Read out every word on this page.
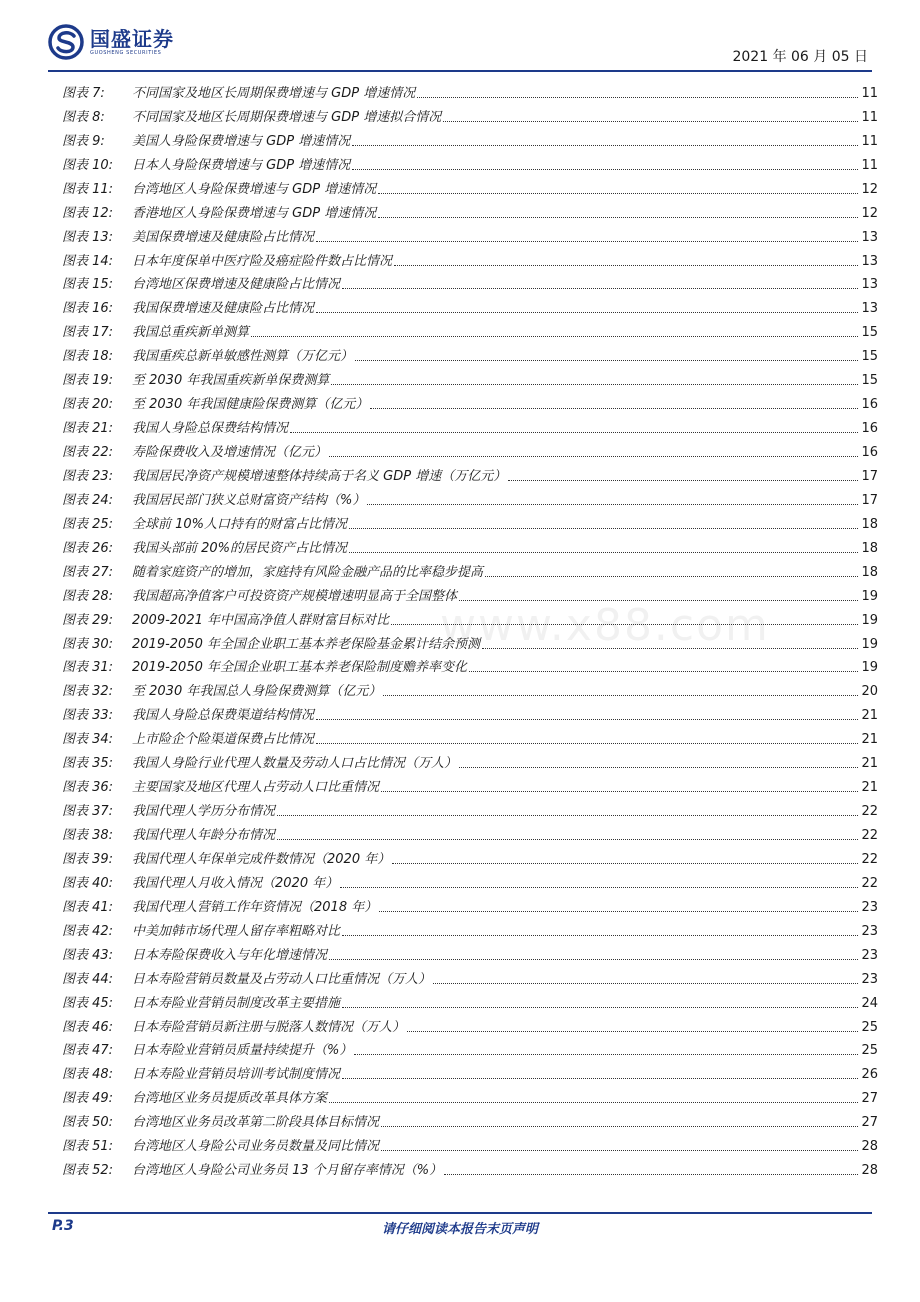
国盛证券
GUOSHENG SECURITIES	2021 年 06 月 05 日
www.x88.com
图表 7:	不同国家及地区长周期保费增速与 GDP 增速情况	11
图表 8:	不同国家及地区长周期保费增速与 GDP 增速拟合情况	11
图表 9:	美国人身险保费增速与 GDP 增速情况	11
图表 10:	日本人身险保费增速与 GDP 增速情况	11
图表 11:	台湾地区人身险保费增速与 GDP 增速情况	12
图表 12:	香港地区人身险保费增速与 GDP 增速情况	12
图表 13:	美国保费增速及健康险占比情况	13
图表 14:	日本年度保单中医疗险及癌症险件数占比情况	13
图表 15:	台湾地区保费增速及健康险占比情况	13
图表 16:	我国保费增速及健康险占比情况	13
图表 17:	我国总重疾新单测算	15
图表 18:	我国重疾总新单敏感性测算（万亿元）	15
图表 19:	至 2030 年我国重疾新单保费测算	15
图表 20:	至 2030 年我国健康险保费测算（亿元）	16
图表 21:	我国人身险总保费结构情况	16
图表 22:	寿险保费收入及增速情况（亿元）	16
图表 23:	我国居民净资产规模增速整体持续高于名义 GDP 增速（万亿元）	17
图表 24:	我国居民部门狭义总财富资产结构（%）	17
图表 25:	全球前 10%人口持有的财富占比情况	18
图表 26:	我国头部前 20%的居民资产占比情况	18
图表 27:	随着家庭资产的增加，家庭持有风险金融产品的比率稳步提高	18
图表 28:	我国超高净值客户可投资资产规模增速明显高于全国整体	19
图表 29:	2009-2021 年中国高净值人群财富目标对比	19
图表 30:	2019-2050 年全国企业职工基本养老保险基金累计结余预测	19
图表 31:	2019-2050 年全国企业职工基本养老保险制度赡养率变化	19
图表 32:	至 2030 年我国总人身险保费测算（亿元）	20
图表 33:	我国人身险总保费渠道结构情况	21
图表 34:	上市险企个险渠道保费占比情况	21
图表 35:	我国人身险行业代理人数量及劳动人口占比情况（万人）	21
图表 36:	主要国家及地区代理人占劳动人口比重情况	21
图表 37:	我国代理人学历分布情况	22
图表 38:	我国代理人年龄分布情况	22
图表 39:	我国代理人年保单完成件数情况（2020 年）	22
图表 40:	我国代理人月收入情况（2020 年）	22
图表 41:	我国代理人营销工作年资情况（2018 年）	23
图表 42:	中美加韩市场代理人留存率粗略对比	23
图表 43:	日本寿险保费收入与年化增速情况	23
图表 44:	日本寿险营销员数量及占劳动人口比重情况（万人）	23
图表 45:	日本寿险业营销员制度改革主要措施	24
图表 46:	日本寿险营销员新注册与脱落人数情况（万人）	25
图表 47:	日本寿险业营销员质量持续提升（%）	25
图表 48:	日本寿险业营销员培训考试制度情况	26
图表 49:	台湾地区业务员提质改革具体方案	27
图表 50:	台湾地区业务员改革第二阶段具体目标情况	27
图表 51:	台湾地区人身险公司业务员数量及同比情况	28
图表 52:	台湾地区人身险公司业务员 13 个月留存率情况（%）	28
P.3	请仔细阅读本报告末页声明
